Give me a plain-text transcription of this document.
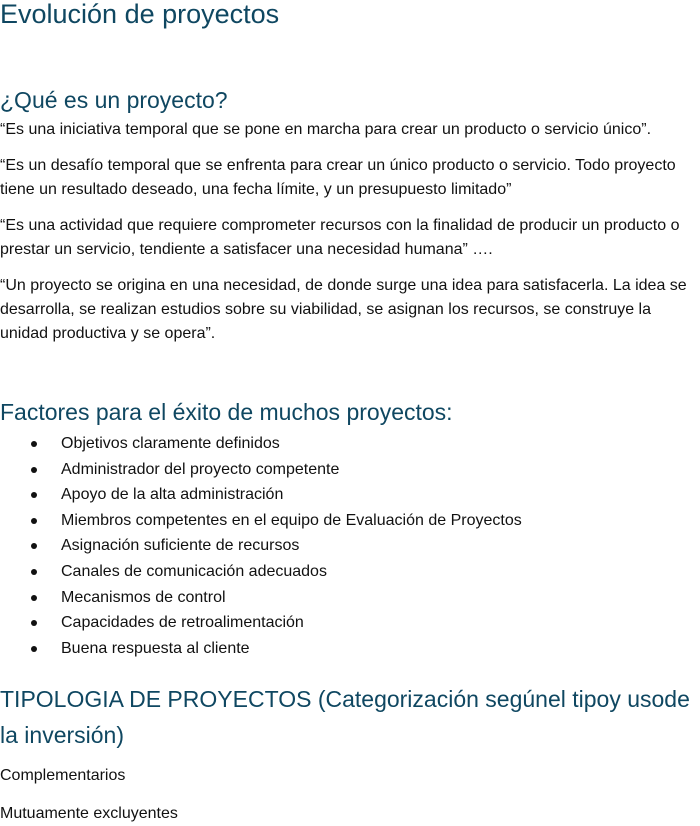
Evolución de proyectos
¿Qué es un proyecto?

“Es una iniciativa temporal que se pone en marcha para crear un producto o servicio único”.

“Es un desafío temporal que se enfrenta para crear un único producto o servicio. Todo proyecto tiene un resultado deseado, una fecha límite, y un presupuesto limitado”

“Es una actividad que requiere comprometer recursos con la finalidad de producir un producto o prestar un servicio, tendiente a satisfacer una necesidad humana” ….

“Un proyecto se origina en una necesidad, de donde surge una idea para satisfacerla. La idea se desarrolla, se realizan estudios sobre su viabilidad, se asignan los recursos, se construye la unidad productiva y se opera”.

Factores para el éxito de muchos proyectos:
Objetivos claramente definidos
Administrador del proyecto competente
Apoyo de la alta administración
Miembros competentes en el equipo de Evaluación de Proyectos
Asignación suficiente de recursos
Canales de comunicación adecuados
Mecanismos de control
Capacidades de retroalimentación
Buena respuesta al cliente
TIPOLOGIA DE PROYECTOS (Categorización segúnel tipoy usode la inversión)

Complementarios

Mutuamente excluyentes
